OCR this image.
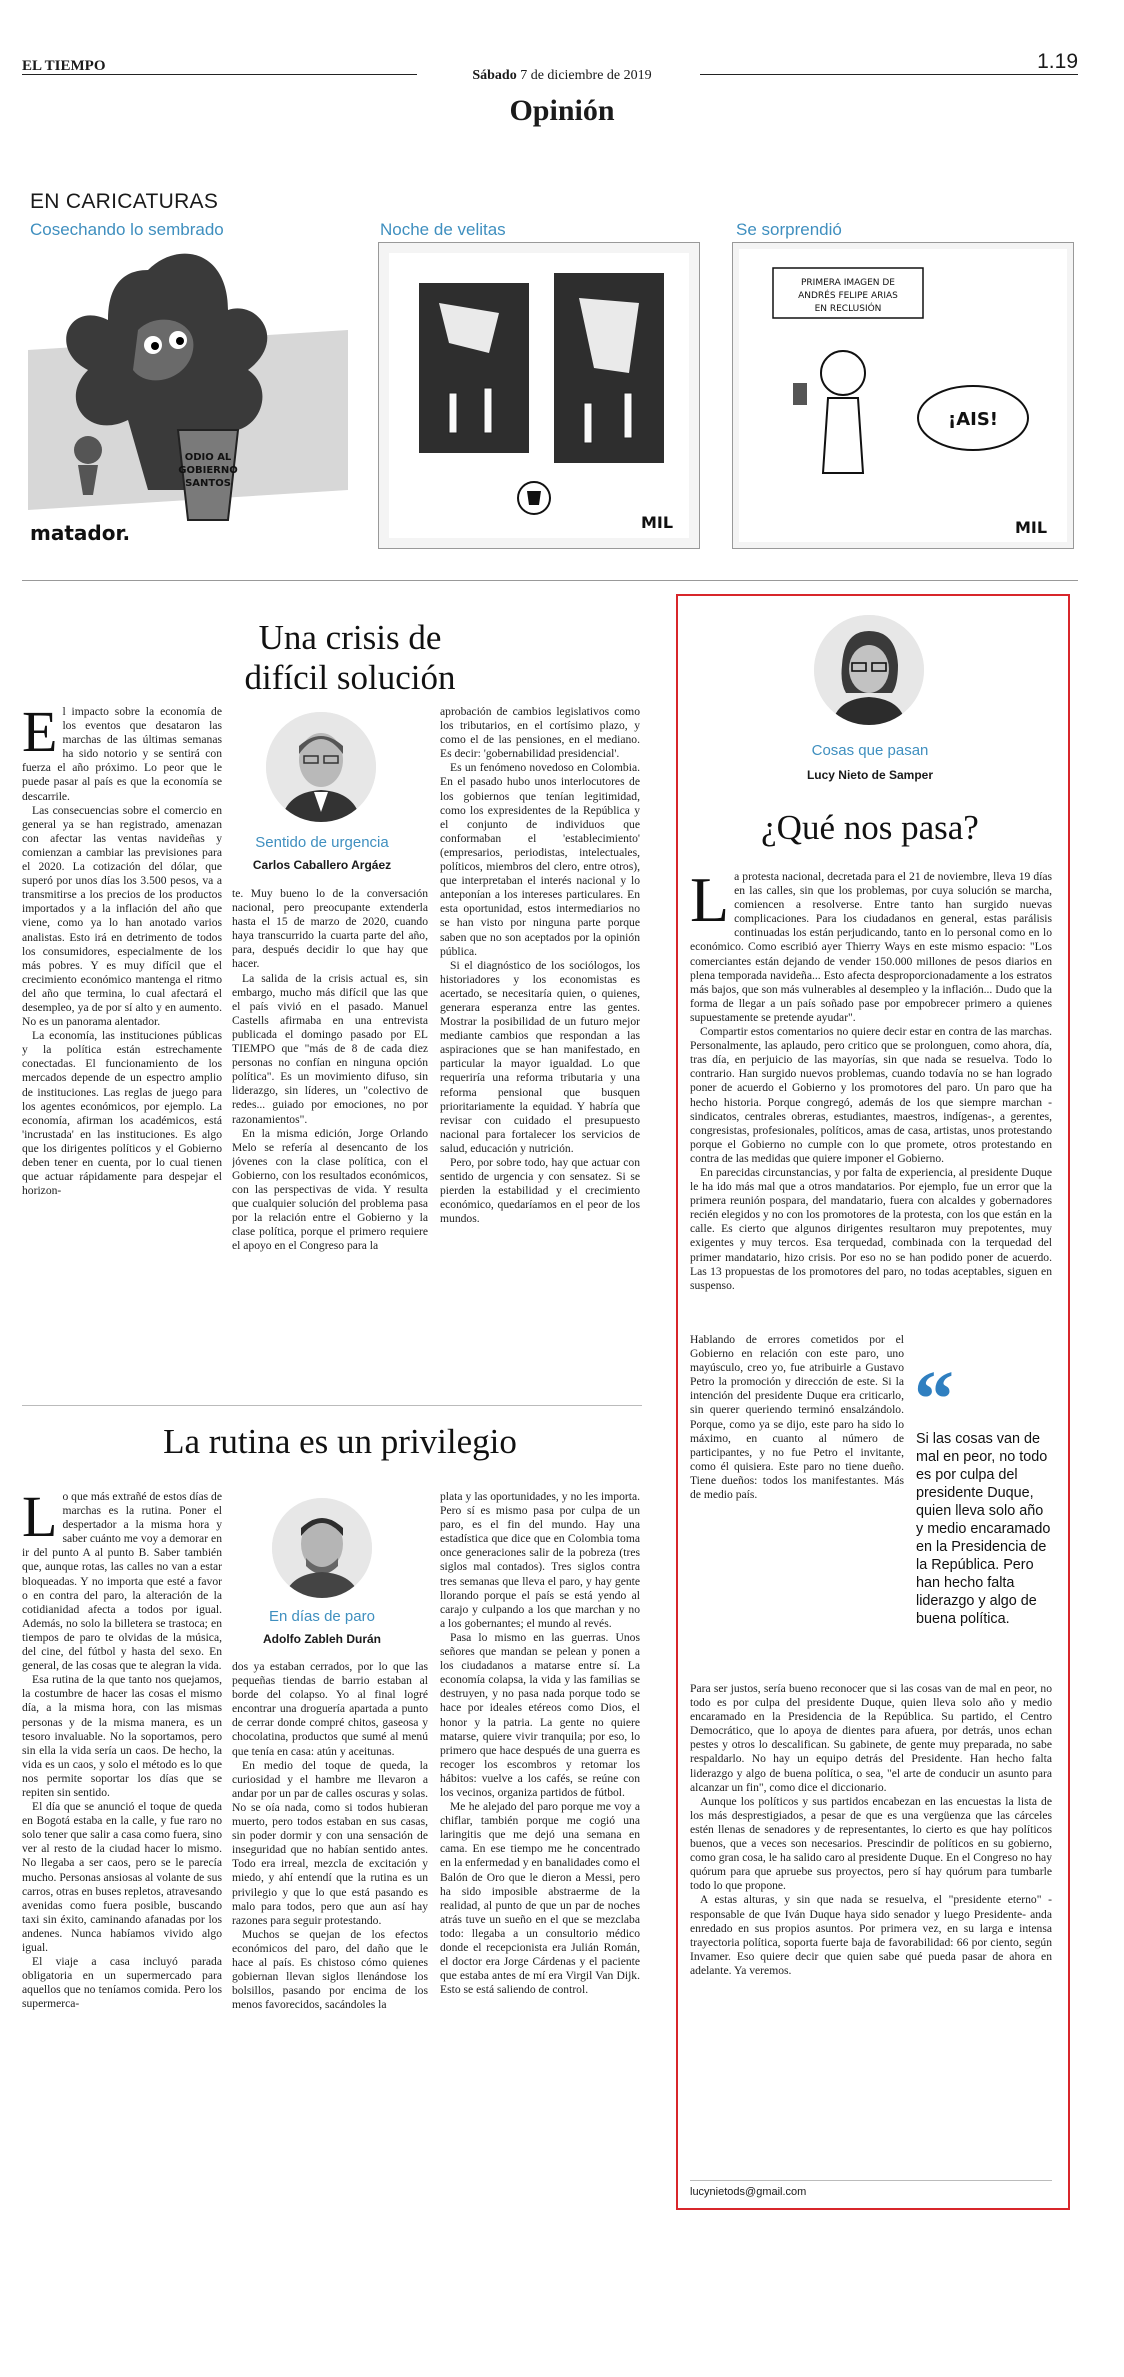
EL TIEMPO
Sábado 7 de diciembre de 2019
1.19
Opinión
EN CARICATURAS
Cosechando lo sembrado	Noche de velitas	Se sorprendió
ODIO AL
GOBIERNO
SANTOS
matador.	MIL
PRIMERA IMAGEN DE
ANDRÉS FELIPE ARIAS
EN RECLUSIÓN
¡AIS!
MIL
Una crisis de
difícil solución
E l impacto sobre la economía de los eventos que desataron las marchas de las últimas semanas ha sido notorio y se sentirá con fuerza el año próximo. Lo peor que le puede pasar al país es que la economía se descarrile.

Las consecuencias sobre el comercio en general ya se han registrado, amenazan con afectar las ventas navideñas y comienzan a cambiar las previsiones para el 2020. La cotización del dólar, que superó por unos días los 3.500 pesos, va a transmitirse a los precios de los productos importados y a la inflación del año que viene, como ya lo han anotado varios analistas. Esto irá en detrimento de todos los consumidores, especialmente de los más pobres. Y es muy difícil que el crecimiento económico mantenga el ritmo del año que termina, lo cual afectará el desempleo, ya de por sí alto y en aumento. No es un panorama alentador.

La economía, las instituciones públicas y la política están estrechamente conectadas. El funcionamiento de los mercados depende de un espectro amplio de instituciones. Las reglas de juego para los agentes económicos, por ejemplo. La economía, afirman los académicos, está 'incrustada' en las instituciones. Es algo que los dirigentes políticos y el Gobierno deben tener en cuenta, por lo cual tienen que actuar rápidamente para despejar el horizon-

Sentido de urgencia
Carlos Caballero Argáez

te. Muy bueno lo de la conversación nacional, pero preocupante extenderla hasta el 15 de marzo de 2020, cuando haya transcurrido la cuarta parte del año, para, después decidir lo que hay que hacer.

La salida de la crisis actual es, sin embargo, mucho más difícil que las que el país vivió en el pasado. Manuel Castells afirmaba en una entrevista publicada el domingo pasado por EL TIEMPO que "más de 8 de cada diez personas no confían en ninguna opción política". Es un movimiento difuso, sin liderazgo, sin líderes, un "colectivo de redes... guiado por emociones, no por razonamientos".

En la misma edición, Jorge Orlando Melo se refería al desencanto de los jóvenes con la clase política, con el Gobierno, con los resultados económicos, con las perspectivas de vida. Y resulta que cualquier solución del problema pasa por la relación entre el Gobierno y la clase política, porque el primero requiere el apoyo en el Congreso para la

aprobación de cambios legislativos como los tributarios, en el cortísimo plazo, y como el de las pensiones, en el mediano. Es decir: 'gobernabilidad presidencial'.

Es un fenómeno novedoso en Colombia. En el pasado hubo unos interlocutores de los gobiernos que tenían legitimidad, como los expresidentes de la República y el conjunto de individuos que conformaban el 'establecimiento' (empresarios, periodistas, intelectuales, políticos, miembros del clero, entre otros), que interpretaban el interés nacional y lo anteponían a los intereses particulares. En esta oportunidad, estos intermediarios no se han visto por ninguna parte porque saben que no son aceptados por la opinión pública.

Si el diagnóstico de los sociólogos, los historiadores y los economistas es acertado, se necesitaría quien, o quienes, generara esperanza entre las gentes. Mostrar la posibilidad de un futuro mejor mediante cambios que respondan a las aspiraciones que se han manifestado, en particular la mayor igualdad. Lo que requeriría una reforma tributaria y una reforma pensional que busquen prioritariamente la equidad. Y habría que revisar con cuidado el presupuesto nacional para fortalecer los servicios de salud, educación y nutrición.

Pero, por sobre todo, hay que actuar con sentido de urgencia y con sensatez. Si se pierden la estabilidad y el crecimiento económico, quedaríamos en el peor de los mundos.

La rutina es un privilegio
L o que más extrañé de estos días de marchas es la rutina. Poner el despertador a la misma hora y saber cuánto me voy a demorar en ir del punto A al punto B. Saber también que, aunque rotas, las calles no van a estar bloqueadas. Y no importa que esté a favor o en contra del paro, la alteración de la cotidianidad afecta a todos por igual. Además, no solo la billetera se trastoca; en tiempos de paro te olvidas de la música, del cine, del fútbol y hasta del sexo. En general, de las cosas que te alegran la vida.

Esa rutina de la que tanto nos quejamos, la costumbre de hacer las cosas el mismo día, a la misma hora, con las mismas personas y de la misma manera, es un tesoro invaluable. No la soportamos, pero sin ella la vida sería un caos. De hecho, la vida es un caos, y solo el método es lo que nos permite soportar los días que se repiten sin sentido.

El día que se anunció el toque de queda en Bogotá estaba en la calle, y fue raro no solo tener que salir a casa como fuera, sino ver al resto de la ciudad hacer lo mismo. No llegaba a ser caos, pero se le parecía mucho. Personas ansiosas al volante de sus carros, otras en buses repletos, atravesando avenidas como fuera posible, buscando taxi sin éxito, caminando afanadas por los andenes. Nunca habíamos vivido algo igual.

El viaje a casa incluyó parada obligatoria en un supermercado para aquellos que no teníamos comida. Pero los supermerca-

En días de paro
Adolfo Zableh Durán

dos ya estaban cerrados, por lo que las pequeñas tiendas de barrio estaban al borde del colapso. Yo al final logré encontrar una droguería apartada a punto de cerrar donde compré chitos, gaseosa y chocolatina, productos que sumé al menú que tenía en casa: atún y aceitunas.

En medio del toque de queda, la curiosidad y el hambre me llevaron a andar por un par de calles oscuras y solas. No se oía nada, como si todos hubieran muerto, pero todos estaban en sus casas, sin poder dormir y con una sensación de inseguridad que no habían sentido antes. Todo era irreal, mezcla de excitación y miedo, y ahí entendí que la rutina es un privilegio y que lo que está pasando es malo para todos, pero que aun así hay razones para seguir protestando.

Muchos se quejan de los efectos económicos del paro, del daño que le hace al país. Es chistoso cómo quienes gobiernan llevan siglos llenándose los bolsillos, pasando por encima de los menos favorecidos, sacándoles la

plata y las oportunidades, y no les importa. Pero sí es mismo pasa por culpa de un paro, es el fin del mundo. Hay una estadística que dice que en Colombia toma once generaciones salir de la pobreza (tres siglos mal contados). Tres siglos contra tres semanas que lleva el paro, y hay gente llorando porque el país se está yendo al carajo y culpando a los que marchan y no a los gobernantes; el mundo al revés.

Pasa lo mismo en las guerras. Unos señores que mandan se pelean y ponen a los ciudadanos a matarse entre sí. La economía colapsa, la vida y las familias se destruyen, y no pasa nada porque todo se hace por ideales etéreos como Dios, el honor y la patria. La gente no quiere matarse, quiere vivir tranquila; por eso, lo primero que hace después de una guerra es recoger los escombros y retomar los hábitos: vuelve a los cafés, se reúne con los vecinos, organiza partidos de fútbol.

Me he alejado del paro porque me voy a chiflar, también porque me cogió una laringitis que me dejó una semana en cama. En ese tiempo me he concentrado en la enfermedad y en banalidades como el Balón de Oro que le dieron a Messi, pero ha sido imposible abstraerme de la realidad, al punto de que un par de noches atrás tuve un sueño en el que se mezclaba todo: llegaba a un consultorio médico donde el recepcionista era Julián Román, el doctor era Jorge Cárdenas y el paciente que estaba antes de mí era Virgil Van Dijk. Esto se está saliendo de control.

Cosas que pasan
Lucy Nieto de Samper
¿Qué nos pasa?
L a protesta nacional, decretada para el 21 de noviembre, lleva 19 días en las calles, sin que los problemas, por cuya solución se marcha, comiencen a resolverse. Entre tanto han surgido nuevas complicaciones. Para los ciudadanos en general, estas parálisis continuadas los están perjudicando, tanto en lo personal como en lo económico. Como escribió ayer Thierry Ways en este mismo espacio: "Los comerciantes están dejando de vender 150.000 millones de pesos diarios en plena temporada navideña... Esto afecta desproporcionadamente a los estratos más bajos, que son más vulnerables al desempleo y la inflación... Dudo que la forma de llegar a un país soñado pase por empobrecer primero a quienes supuestamente se pretende ayudar".

Compartir estos comentarios no quiere decir estar en contra de las marchas. Personalmente, las aplaudo, pero critico que se prolonguen, como ahora, día, tras día, en perjuicio de las mayorías, sin que nada se resuelva. Todo lo contrario. Han surgido nuevos problemas, cuando todavía no se han logrado poner de acuerdo el Gobierno y los promotores del paro. Un paro que ha hecho historia. Porque congregó, además de los que siempre marchan -sindicatos, centrales obreras, estudiantes, maestros, indígenas-, a gerentes, congresistas, profesionales, políticos, amas de casa, artistas, unos protestando porque el Gobierno no cumple con lo que promete, otros protestando en contra de las medidas que quiere imponer el Gobierno.

En parecidas circunstancias, y por falta de experiencia, al presidente Duque le ha ido más mal que a otros mandatarios. Por ejemplo, fue un error que la primera reunión pospara, del mandatario, fuera con alcaldes y gobernadores recién elegidos y no con los promotores de la protesta, con los que están en la calle. Es cierto que algunos dirigentes resultaron muy prepotentes, muy exigentes y muy tercos. Esa terquedad, combinada con la terquedad del primer mandatario, hizo crisis. Por eso no se han podido poner de acuerdo. Las 13 propuestas de los promotores del paro, no todas aceptables, siguen en suspenso.

Hablando de errores cometidos por el Gobierno en relación con este paro, uno mayúsculo, creo yo, fue atribuirle a Gustavo Petro la promoción y dirección de este. Si la intención del presidente Duque era criticarlo, sin querer queriendo terminó ensalzándolo. Porque, como ya se dijo, este paro ha sido lo máximo, en cuanto al número de participantes, y no fue Petro el invitante, como él quisiera. Este paro no tiene dueño. Tiene dueños: todos los manifestantes. Más de medio país.

“
Si las cosas van de mal en peor, no todo es por culpa del presidente Duque, quien lleva solo año y medio encaramado en la Presidencia de la República. Pero han hecho falta liderazgo y algo de buena política.

Para ser justos, sería bueno reconocer que si las cosas van de mal en peor, no todo es por culpa del presidente Duque, quien lleva solo año y medio encaramado en la Presidencia de la República. Su partido, el Centro Democrático, que lo apoya de dientes para afuera, por detrás, unos echan pestes y otros lo descalifican. Su gabinete, de gente muy preparada, no sabe respaldarlo. No hay un equipo detrás del Presidente. Han hecho falta liderazgo y algo de buena política, o sea, "el arte de conducir un asunto para alcanzar un fin", como dice el diccionario.

Aunque los políticos y sus partidos encabezan en las encuestas la lista de los más desprestigiados, a pesar de que es una vergüenza que las cárceles estén llenas de senadores y de representantes, lo cierto es que hay políticos buenos, que a veces son necesarios. Prescindir de políticos en su gobierno, como gran cosa, le ha salido caro al presidente Duque. En el Congreso no hay quórum para que apruebe sus proyectos, pero sí hay quórum para tumbarle todo lo que propone.

A estas alturas, y sin que nada se resuelva, el "presidente eterno" -responsable de que Iván Duque haya sido senador y luego Presidente- anda enredado en sus propios asuntos. Por primera vez, en su larga e intensa trayectoria política, soporta fuerte baja de favorabilidad: 66 por ciento, según Invamer. Eso quiere decir que quien sabe qué pueda pasar de ahora en adelante. Ya veremos.

lucynietods@gmail.com
